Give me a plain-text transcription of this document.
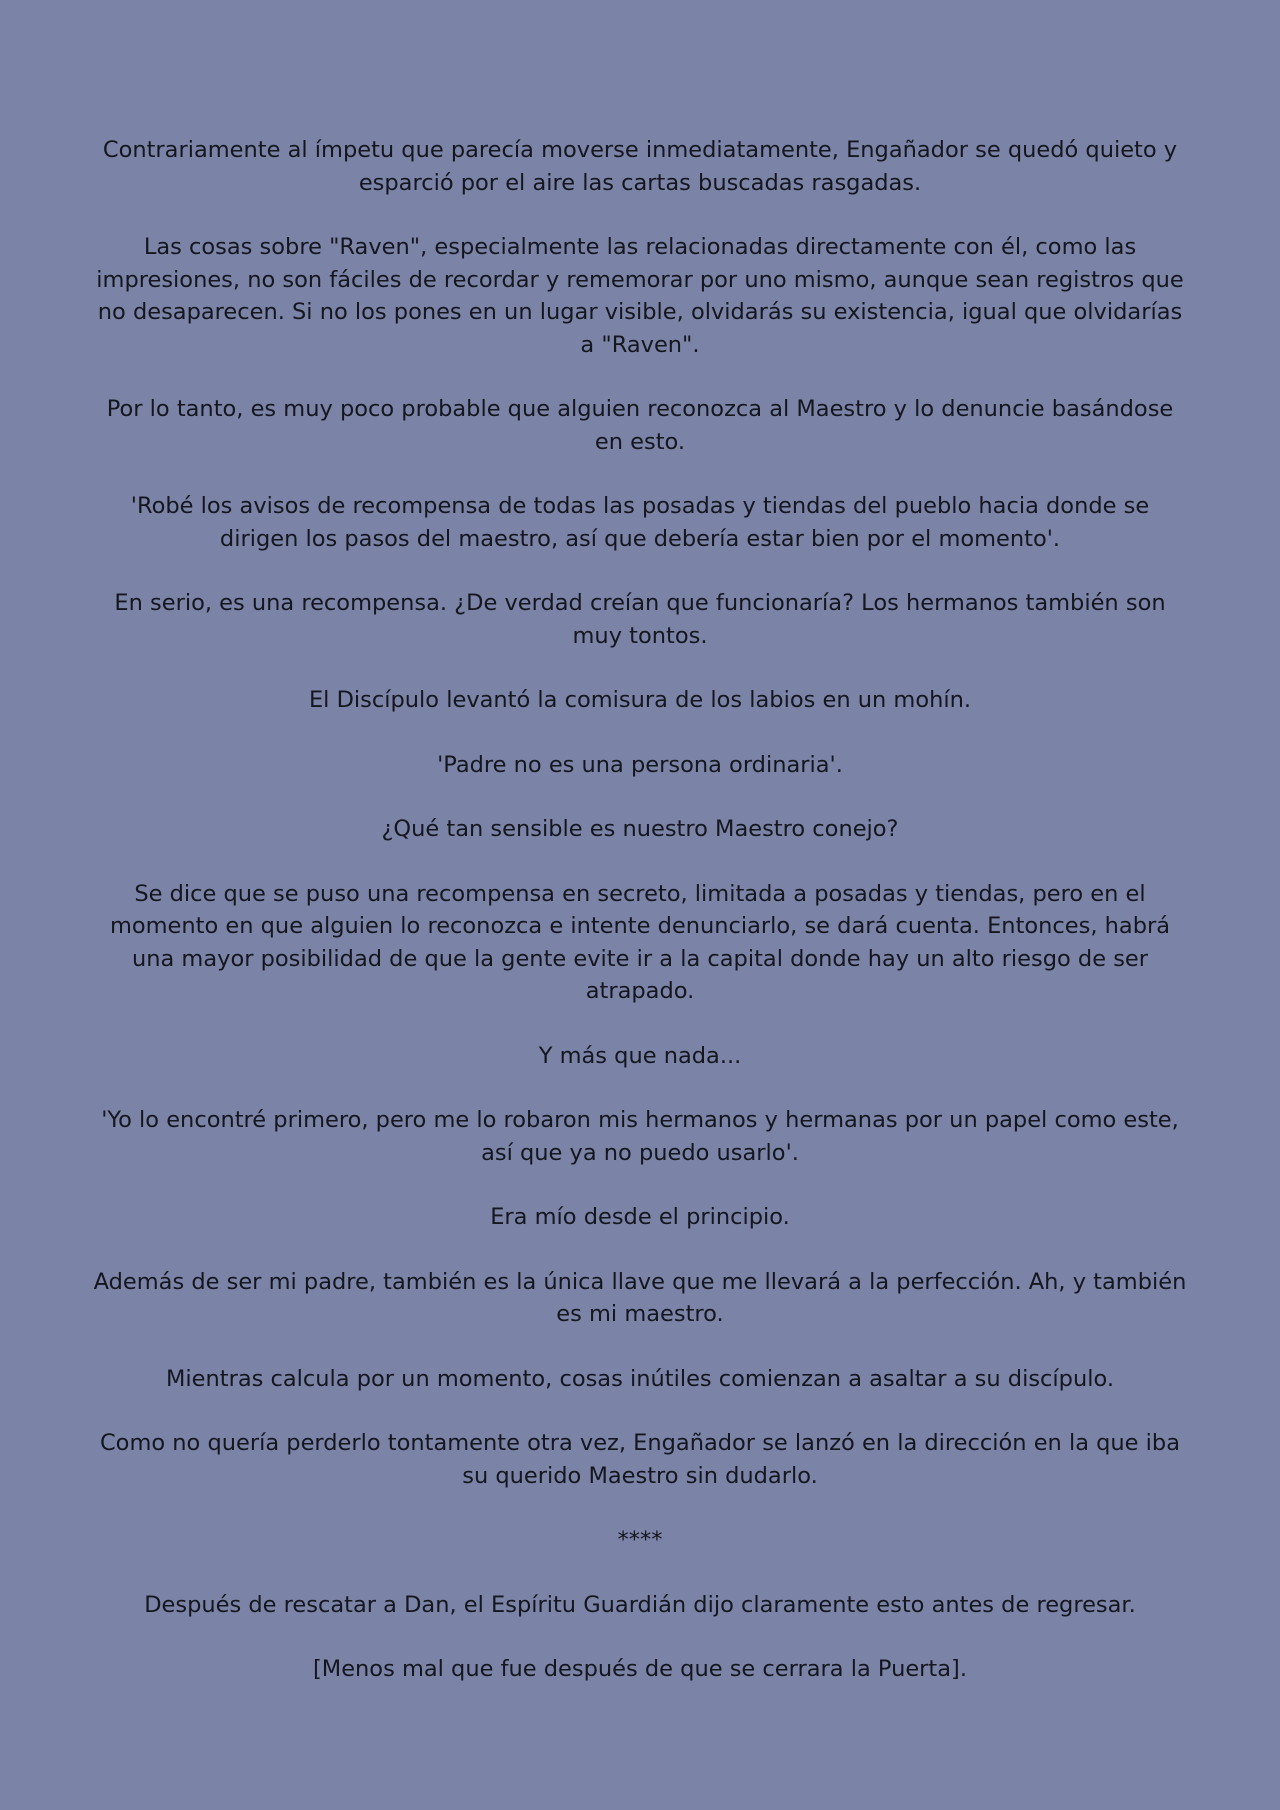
Contrariamente al ímpetu que parecía moverse inmediatamente, Engañador se quedó quieto y esparció por el aire las cartas buscadas rasgadas.

Las cosas sobre "Raven", especialmente las relacionadas directamente con él, como las impresiones, no son fáciles de recordar y rememorar por uno mismo, aunque sean registros que no desaparecen. Si no los pones en un lugar visible, olvidarás su existencia, igual que olvidarías a "Raven".

Por lo tanto, es muy poco probable que alguien reconozca al Maestro y lo denuncie basándose en esto.

'Robé los avisos de recompensa de todas las posadas y tiendas del pueblo hacia donde se dirigen los pasos del maestro, así que debería estar bien por el momento'.

En serio, es una recompensa. ¿De verdad creían que funcionaría? Los hermanos también son muy tontos.

El Discípulo levantó la comisura de los labios en un mohín.

'Padre no es una persona ordinaria'.

¿Qué tan sensible es nuestro Maestro conejo?

Se dice que se puso una recompensa en secreto, limitada a posadas y tiendas, pero en el momento en que alguien lo reconozca e intente denunciarlo, se dará cuenta. Entonces, habrá una mayor posibilidad de que la gente evite ir a la capital donde hay un alto riesgo de ser atrapado.

Y más que nada...

'Yo lo encontré primero, pero me lo robaron mis hermanos y hermanas por un papel como este, así que ya no puedo usarlo'.

Era mío desde el principio.

Además de ser mi padre, también es la única llave que me llevará a la perfección. Ah, y también es mi maestro.

Mientras calcula por un momento, cosas inútiles comienzan a asaltar a su discípulo.

Como no quería perderlo tontamente otra vez, Engañador se lanzó en la dirección en la que iba su querido Maestro sin dudarlo.

****

Después de rescatar a Dan, el Espíritu Guardián dijo claramente esto antes de regresar.

[Menos mal que fue después de que se cerrara la Puerta].
